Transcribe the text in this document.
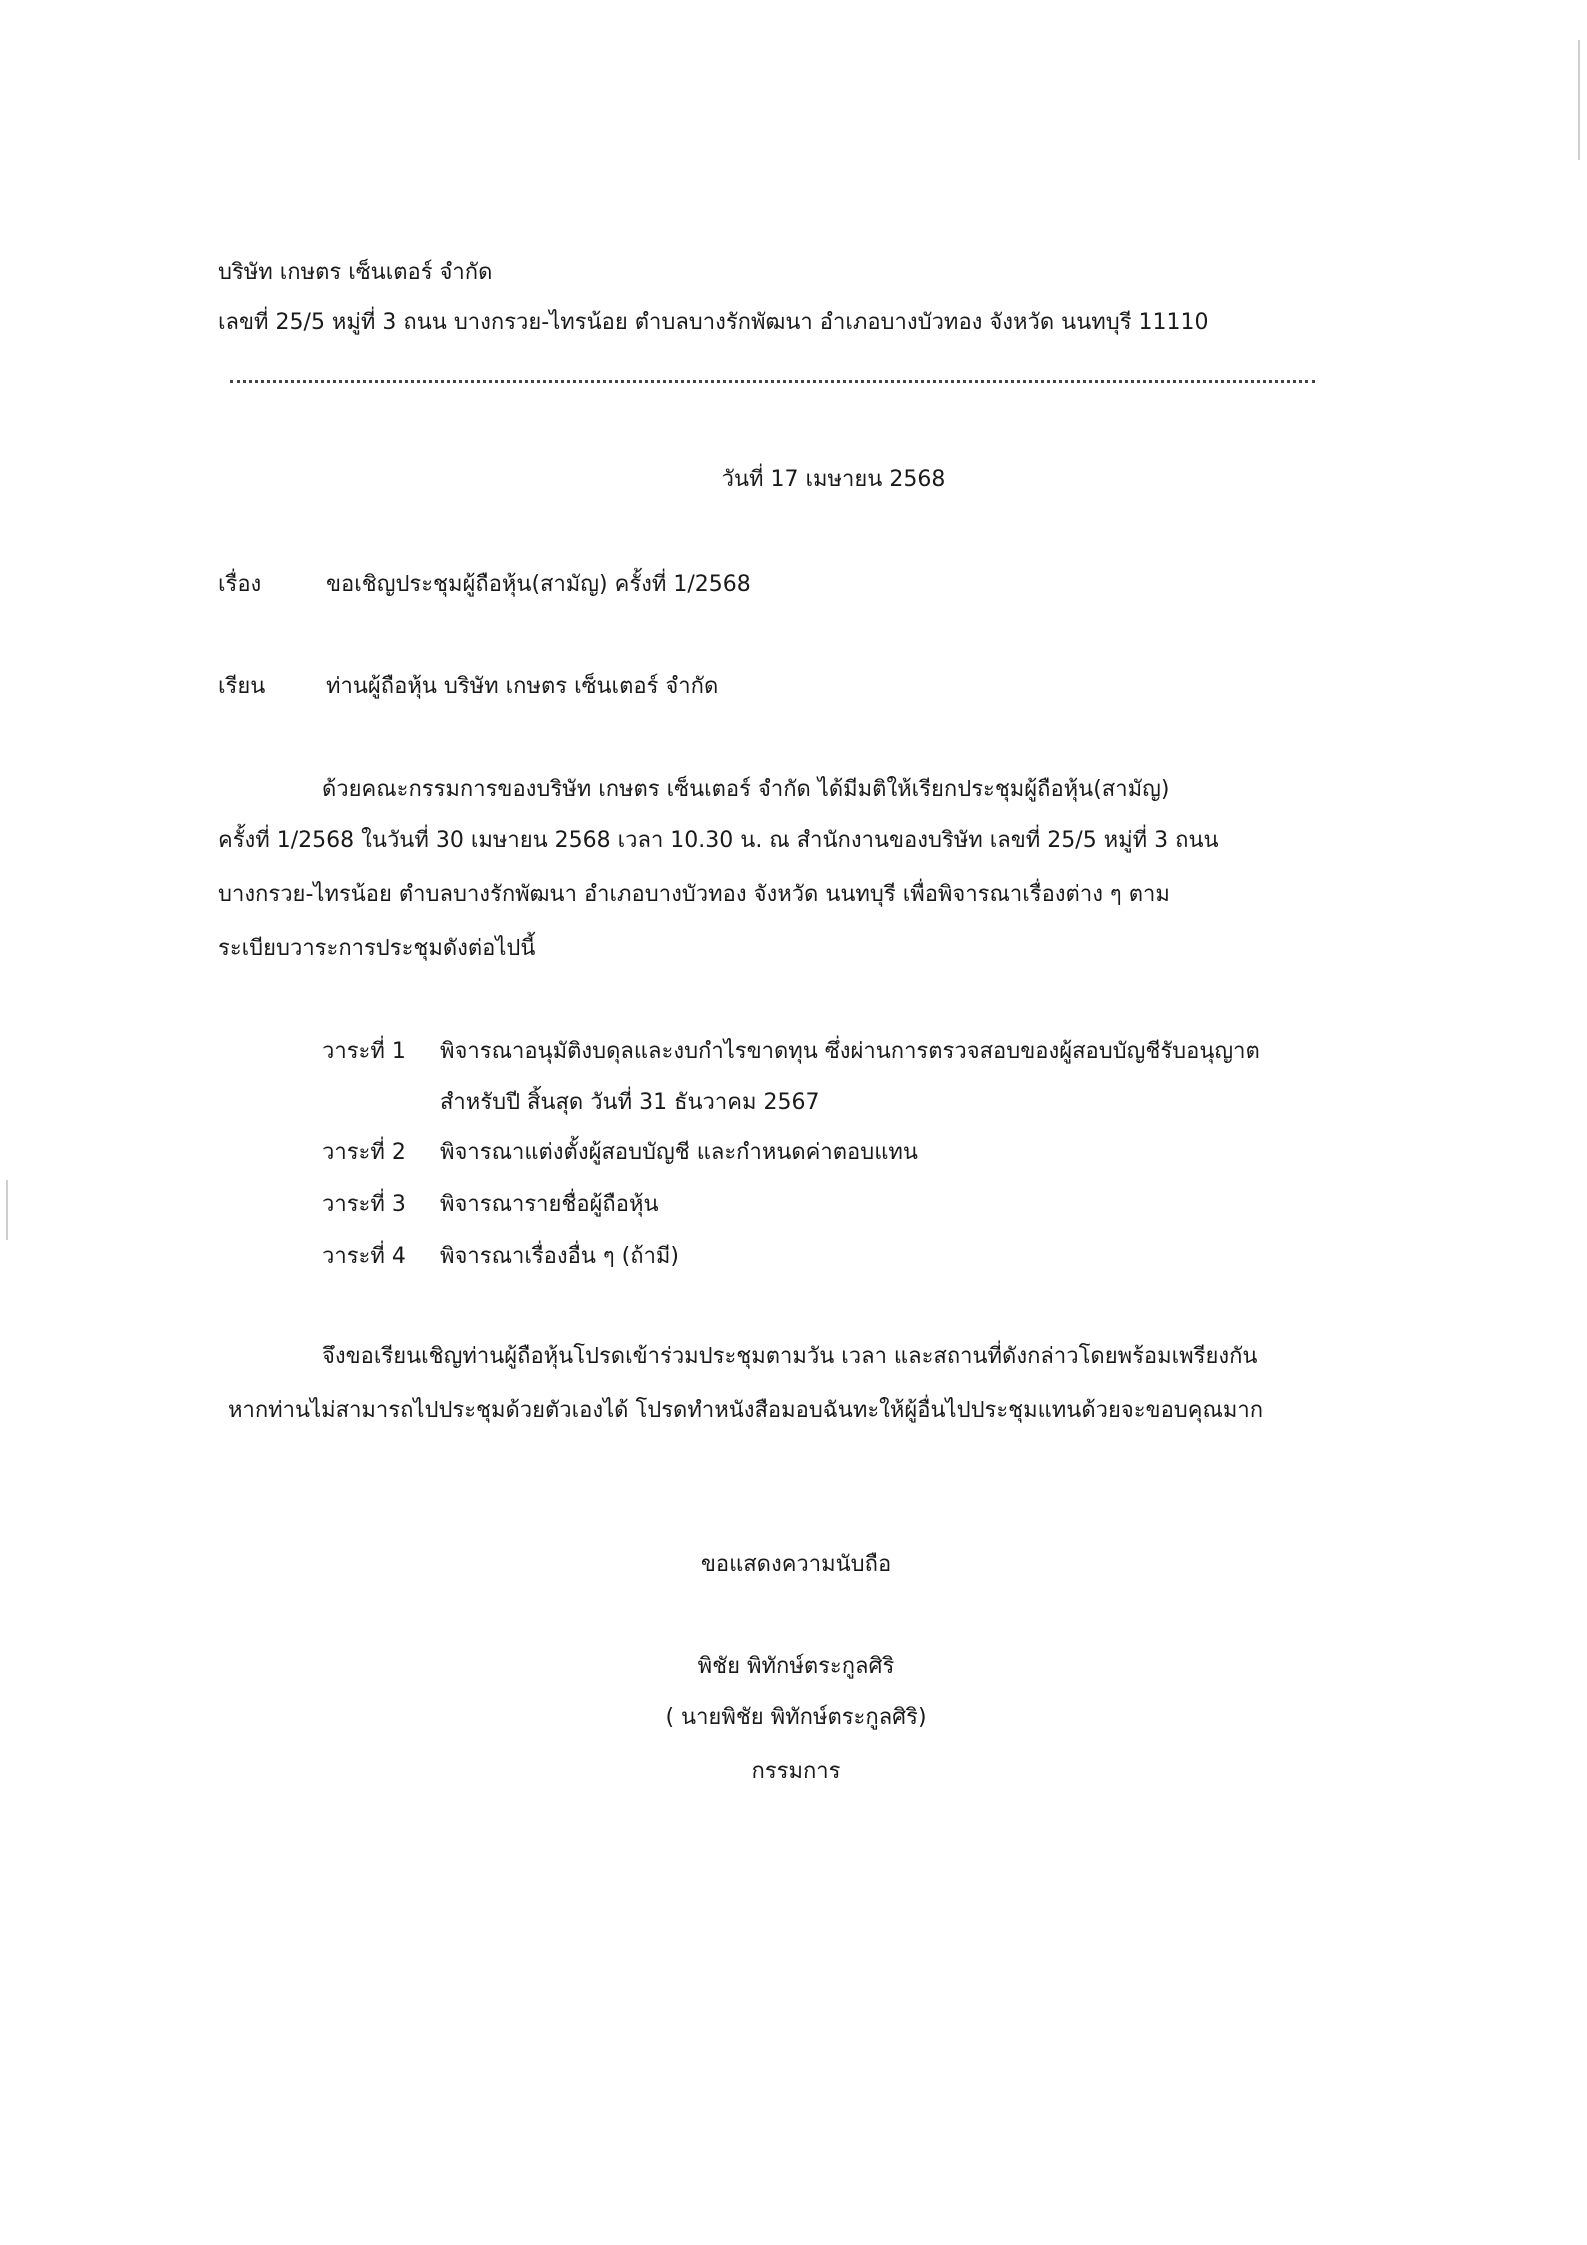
บริษัท เกษตร เซ็นเตอร์ จำกัด
เลขที่ 25/5 หมู่ที่ 3 ถนน บางกรวย-ไทรน้อย ตำบลบางรักพัฒนา อำเภอบางบัวทอง จังหวัด นนทบุรี 11110
วันที่ 17 เมษายน 2568
เรื่อง	ขอเชิญประชุมผู้ถือหุ้น(สามัญ) ครั้งที่ 1/2568
เรียน	ท่านผู้ถือหุ้น บริษัท เกษตร เซ็นเตอร์ จำกัด
ด้วยคณะกรรมการของบริษัท เกษตร เซ็นเตอร์ จำกัด ได้มีมติให้เรียกประชุมผู้ถือหุ้น(สามัญ)
ครั้งที่ 1/2568 ในวันที่ 30 เมษายน 2568 เวลา 10.30 น. ณ สำนักงานของบริษัท เลขที่ 25/5 หมู่ที่ 3 ถนน
บางกรวย-ไทรน้อย ตำบลบางรักพัฒนา อำเภอบางบัวทอง จังหวัด นนทบุรี เพื่อพิจารณาเรื่องต่าง ๆ ตาม
ระเบียบวาระการประชุมดังต่อไปนี้
วาระที่ 1 พิจารณาอนุมัติงบดุลและงบกำไรขาดทุน ซึ่งผ่านการตรวจสอบของผู้สอบบัญชีรับอนุญาต
สำหรับปี สิ้นสุด วันที่ 31 ธันวาคม 2567
วาระที่ 2 พิจารณาแต่งตั้งผู้สอบบัญชี และกำหนดค่าตอบแทน
วาระที่ 3 พิจารณารายชื่อผู้ถือหุ้น
วาระที่ 4 พิจารณาเรื่องอื่น ๆ (ถ้ามี)
จึงขอเรียนเชิญท่านผู้ถือหุ้นโปรดเข้าร่วมประชุมตามวัน เวลา และสถานที่ดังกล่าวโดยพร้อมเพรียงกัน
หากท่านไม่สามารถไปประชุมด้วยตัวเองได้ โปรดทำหนังสือมอบฉันทะให้ผู้อื่นไปประชุมแทนด้วยจะขอบคุณมาก
ขอแสดงความนับถือ
พิชัย พิทักษ์ตระกูลศิริ
( นายพิชัย พิทักษ์ตระกูลศิริ)
กรรมการ
